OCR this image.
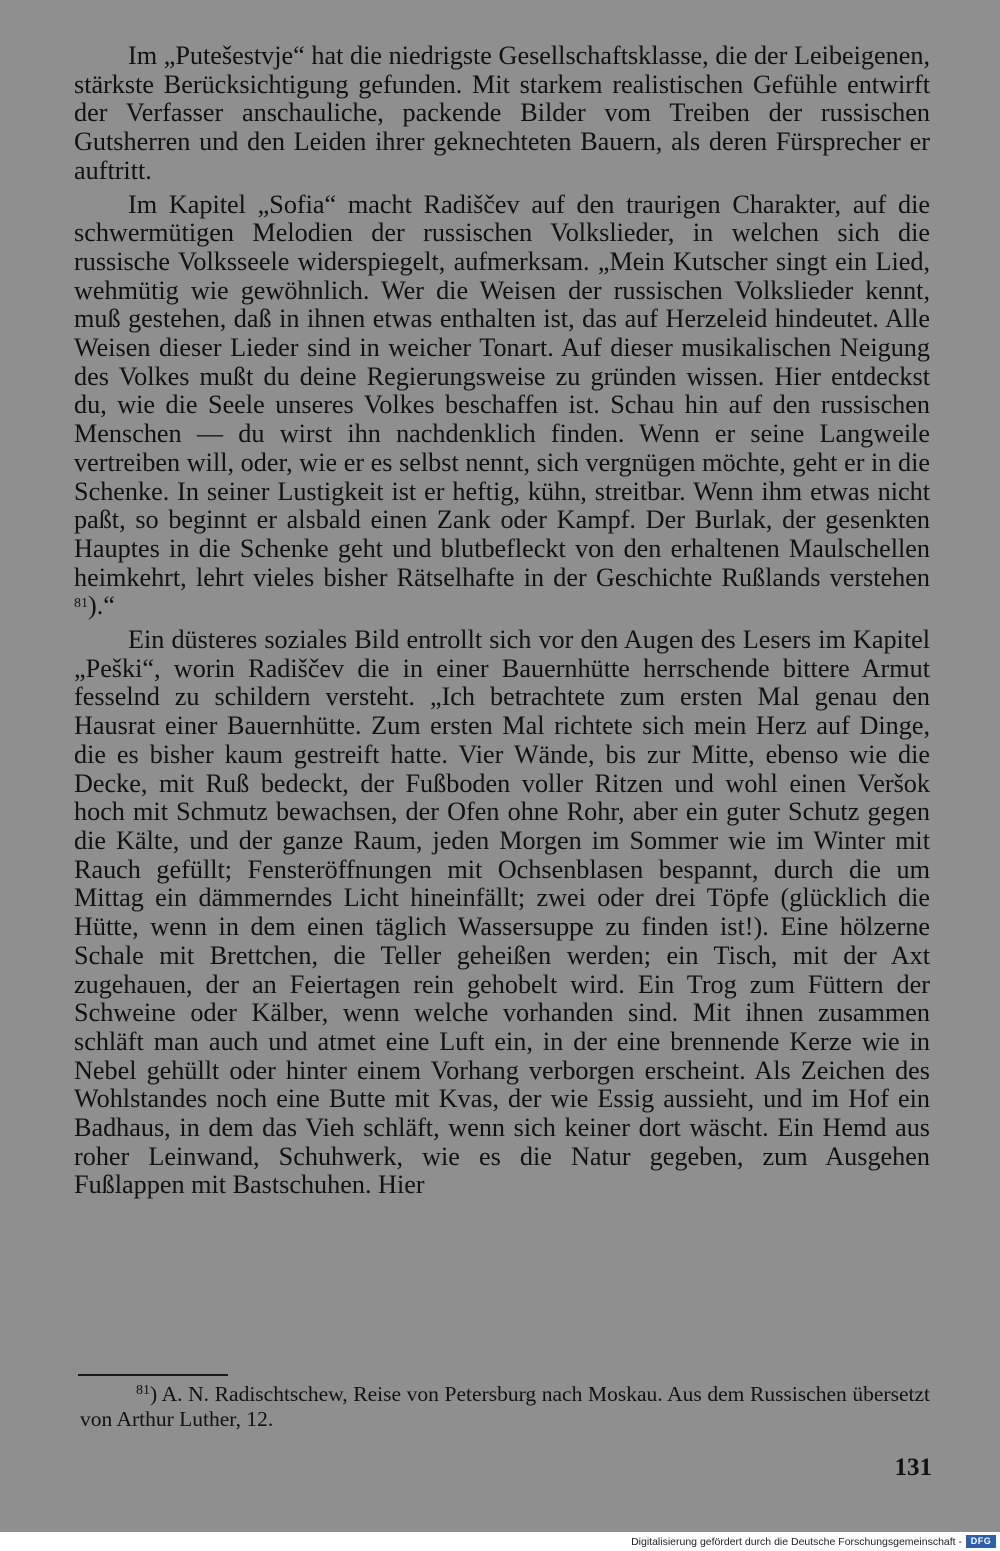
Im „Putešestvje“ hat die niedrigste Gesellschaftsklasse, die der Leibeigenen, stärkste Berücksichtigung gefunden. Mit starkem realistischen Gefühle entwirft der Verfasser anschauliche, packende Bilder vom Treiben der russischen Gutsherren und den Leiden ihrer geknechteten Bauern, als deren Fürsprecher er auftritt.

Im Kapitel „Sofia“ macht Radiščev auf den traurigen Charakter, auf die schwermütigen Melodien der russischen Volkslieder, in welchen sich die russische Volksseele widerspiegelt, aufmerksam. „Mein Kutscher singt ein Lied, wehmütig wie gewöhnlich. Wer die Weisen der russischen Volkslieder kennt, muß gestehen, daß in ihnen etwas enthalten ist, das auf Herzeleid hindeutet. Alle Weisen dieser Lieder sind in weicher Tonart. Auf dieser musikalischen Neigung des Volkes mußt du deine Regierungsweise zu gründen wissen. Hier entdeckst du, wie die Seele unseres Volkes beschaffen ist. Schau hin auf den russischen Menschen — du wirst ihn nachdenklich finden. Wenn er seine Langweile vertreiben will, oder, wie er es selbst nennt, sich vergnügen möchte, geht er in die Schenke. In seiner Lustigkeit ist er heftig, kühn, streitbar. Wenn ihm etwas nicht paßt, so beginnt er alsbald einen Zank oder Kampf. Der Burlak, der gesenkten Hauptes in die Schenke geht und blutbefleckt von den erhaltenen Maulschellen heimkehrt, lehrt vieles bisher Rätselhafte in der Geschichte Rußlands verstehen $^{81}$).“

Ein düsteres soziales Bild entrollt sich vor den Augen des Lesers im Kapitel „Peški“, worin Radiščev die in einer Bauernhütte herrschende bittere Armut fesselnd zu schildern versteht. „Ich betrachtete zum ersten Mal genau den Hausrat einer Bauernhütte. Zum ersten Mal richtete sich mein Herz auf Dinge, die es bisher kaum gestreift hatte. Vier Wände, bis zur Mitte, ebenso wie die Decke, mit Ruß bedeckt, der Fußboden voller Ritzen und wohl einen Veršok hoch mit Schmutz bewachsen, der Ofen ohne Rohr, aber ein guter Schutz gegen die Kälte, und der ganze Raum, jeden Morgen im Sommer wie im Winter mit Rauch gefüllt; Fensteröffnungen mit Ochsenblasen bespannt, durch die um Mittag ein dämmerndes Licht hineinfällt; zwei oder drei Töpfe (glücklich die Hütte, wenn in dem einen täglich Wassersuppe zu finden ist!). Eine hölzerne Schale mit Brettchen, die Teller geheißen werden; ein Tisch, mit der Axt zugehauen, der an Feiertagen rein gehobelt wird. Ein Trog zum Füttern der Schweine oder Kälber, wenn welche vorhanden sind. Mit ihnen zusammen schläft man auch und atmet eine Luft ein, in der eine brennende Kerze wie in Nebel gehüllt oder hinter einem Vorhang verborgen erscheint. Als Zeichen des Wohlstandes noch eine Butte mit Kvas, der wie Essig aussieht, und im Hof ein Badhaus, in dem das Vieh schläft, wenn sich keiner dort wäscht. Ein Hemd aus roher Leinwand, Schuhwerk, wie es die Natur gegeben, zum Ausgehen Fußlappen mit Bastschuhen. Hier

$^{81}$) A. N. Radischtschew, Reise von Petersburg nach Moskau. Aus dem Russischen übersetzt von Arthur Luther, 12.
131
Digitalisierung gefördert durch die Deutsche Forschungsgemeinschaft - DFG
